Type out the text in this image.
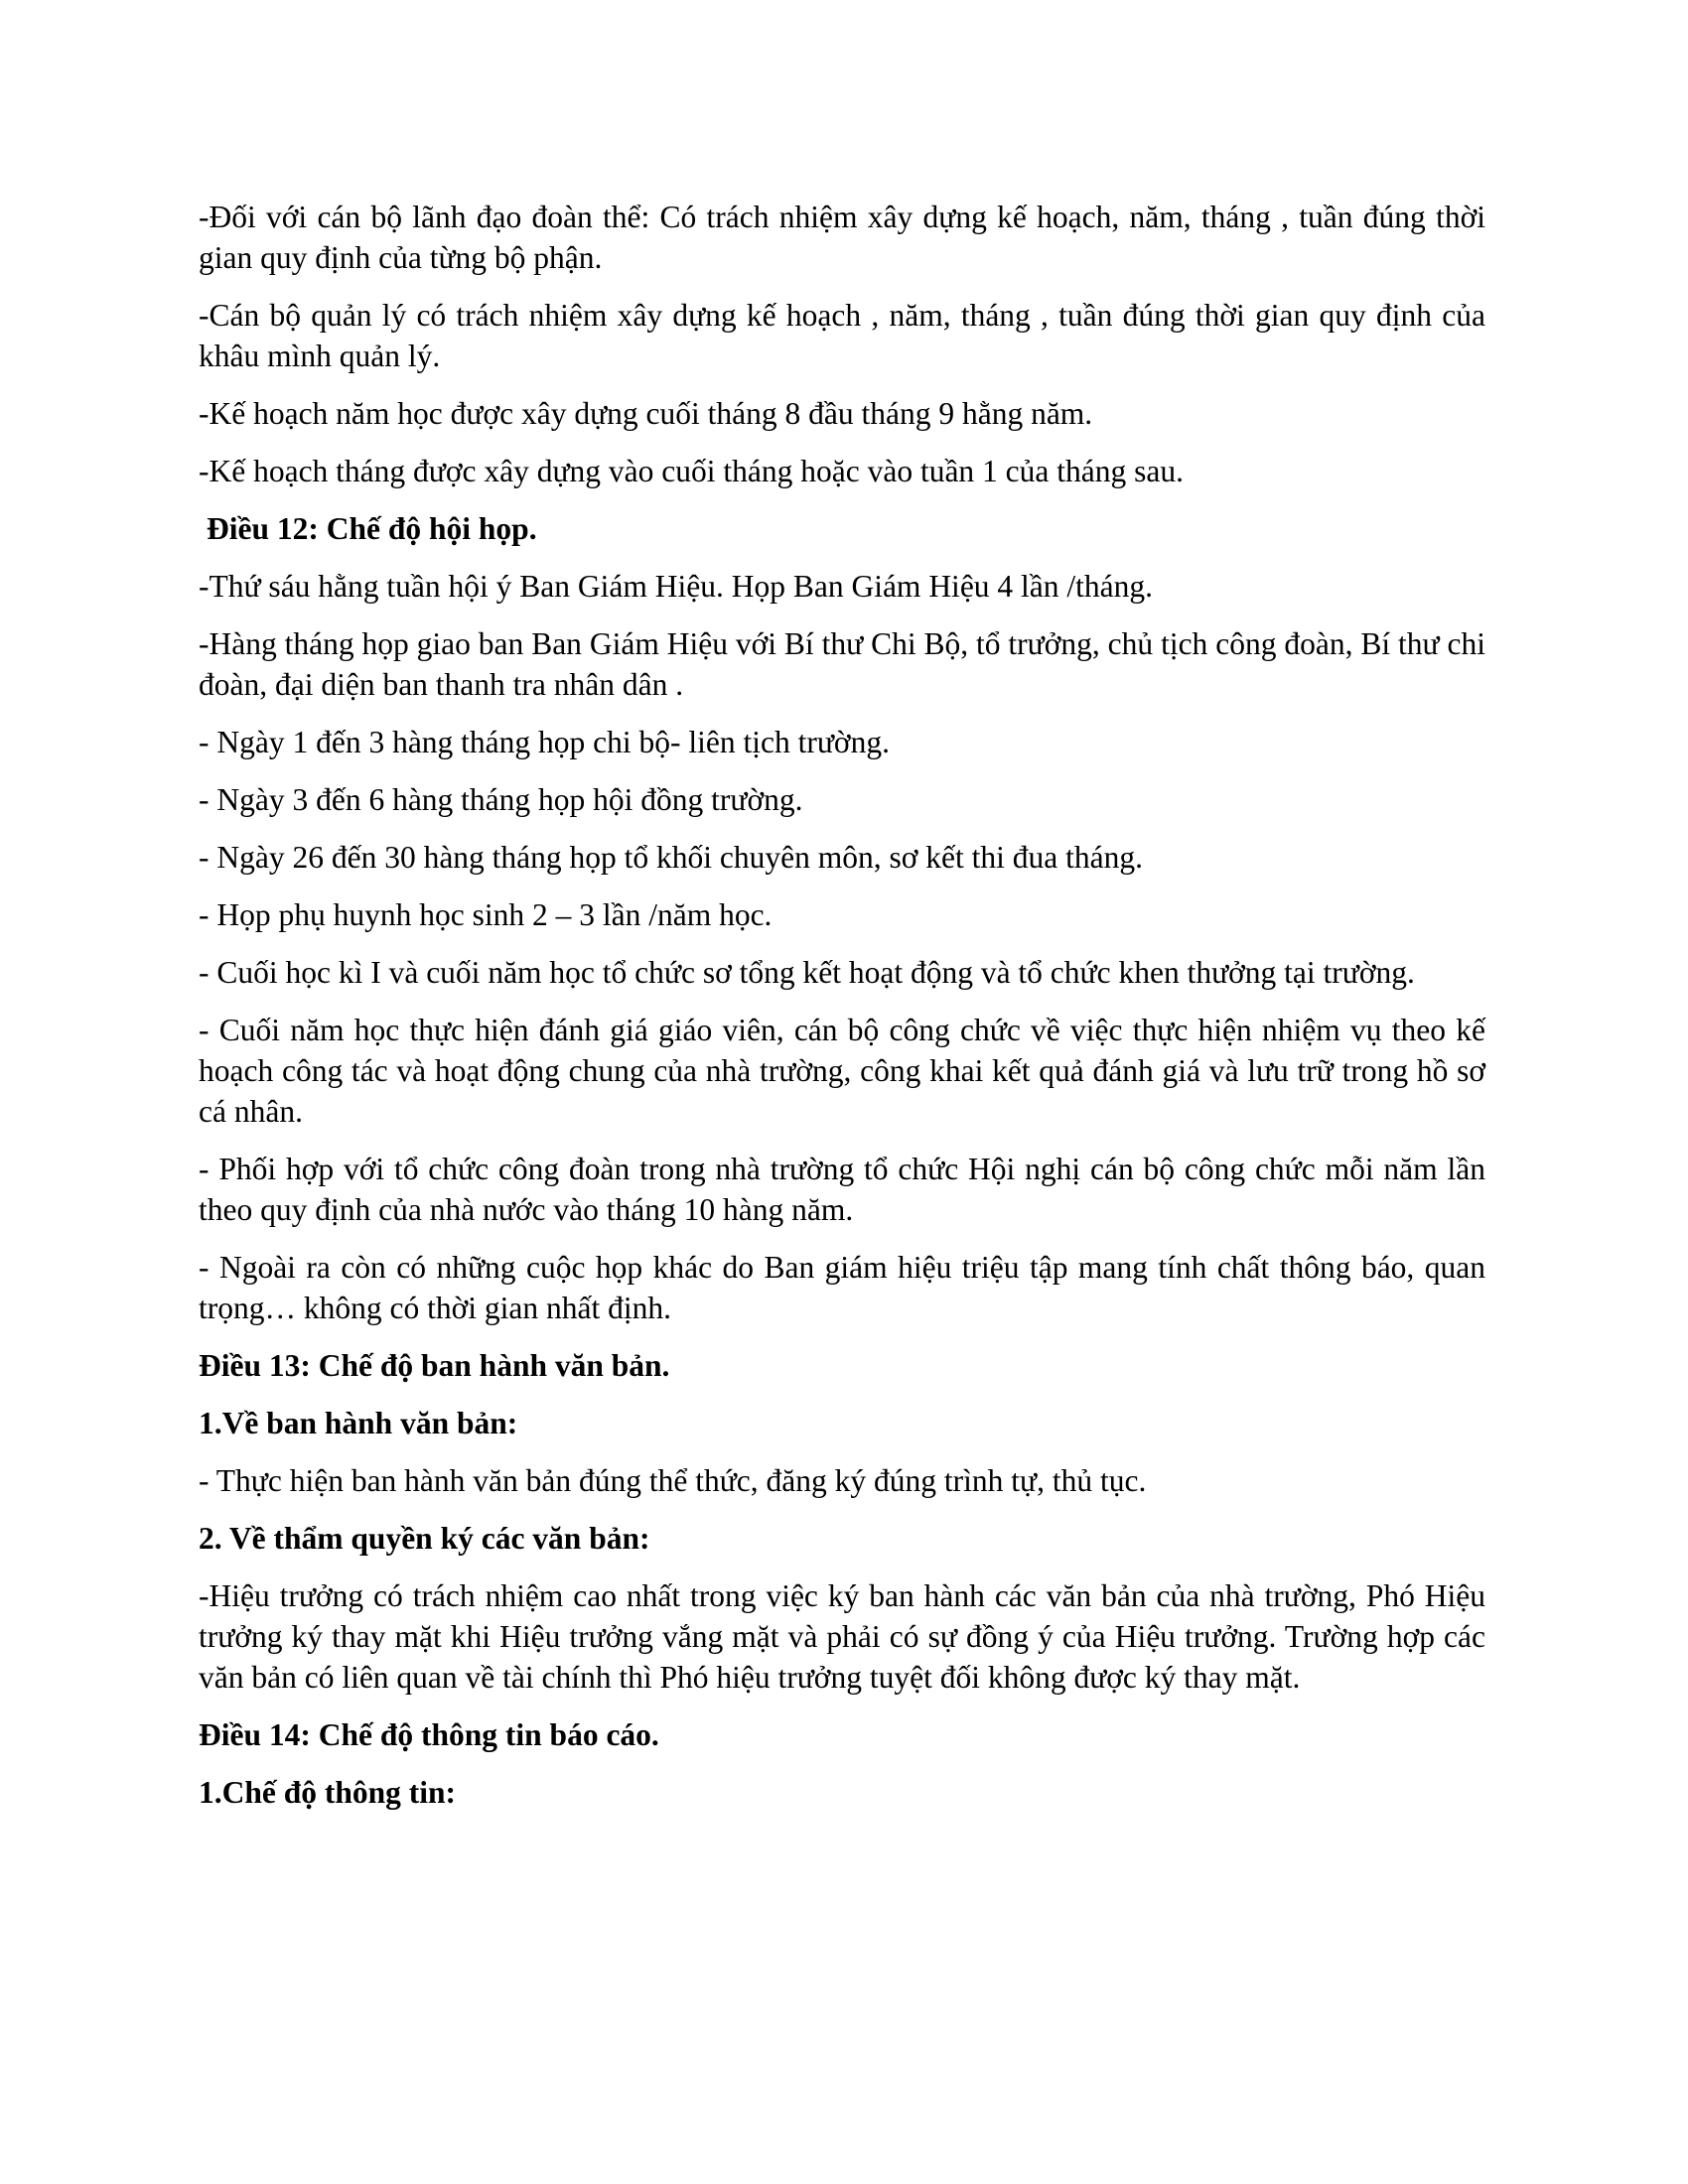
-Đối với cán bộ lãnh đạo đoàn thể: Có trách nhiệm xây dựng kế hoạch, năm, tháng , tuần đúng thời gian quy định của từng bộ phận.

-Cán bộ quản lý có trách nhiệm xây dựng kế hoạch , năm, tháng , tuần đúng thời gian quy định của khâu mình quản lý.

-Kế hoạch năm học được xây dựng cuối tháng 8 đầu tháng 9 hằng năm.

-Kế hoạch tháng được xây dựng vào cuối tháng hoặc vào tuần 1 của tháng sau.

Điều 12: Chế độ hội họp.

-Thứ sáu hằng tuần hội ý Ban Giám Hiệu. Họp Ban Giám Hiệu 4 lần /tháng.

-Hàng tháng họp giao ban Ban Giám Hiệu với Bí thư Chi Bộ, tổ trưởng, chủ tịch công đoàn, Bí thư chi đoàn, đại diện ban thanh tra nhân dân .

- Ngày 1 đến 3 hàng tháng họp chi bộ- liên tịch trường.

- Ngày 3 đến 6 hàng tháng họp hội đồng trường.

- Ngày 26 đến 30 hàng tháng họp tổ khối chuyên môn, sơ kết thi đua tháng.

- Họp phụ huynh học sinh 2 – 3 lần /năm học.

- Cuối học kì I và cuối năm học tổ chức sơ tổng kết hoạt động và tổ chức khen thưởng tại trường.

- Cuối năm học thực hiện đánh giá giáo viên, cán bộ công chức về việc thực hiện nhiệm vụ theo kế hoạch công tác và hoạt động chung của nhà trường, công khai kết quả đánh giá và lưu trữ trong hồ sơ cá nhân.

- Phối hợp với tổ chức công đoàn trong nhà trường tổ chức Hội nghị cán bộ công chức mỗi năm lần theo quy định của nhà nước vào tháng 10 hàng năm.

- Ngoài ra còn có những cuộc họp khác do Ban giám hiệu triệu tập mang tính chất thông báo, quan trọng… không có thời gian nhất định.

Điều 13: Chế độ ban hành văn bản.

1.Về ban hành văn bản:

- Thực hiện ban hành văn bản đúng thể thức, đăng ký đúng trình tự, thủ tục.

2. Về thẩm quyền ký các văn bản:

-Hiệu trưởng có trách nhiệm cao nhất trong việc ký ban hành các văn bản của nhà trường, Phó Hiệu trưởng ký thay mặt khi Hiệu trưởng vắng mặt và phải có sự đồng ý của Hiệu trưởng. Trường hợp các văn bản có liên quan về tài chính thì Phó hiệu trưởng tuyệt đối không được ký thay mặt.

Điều 14: Chế độ thông tin báo cáo.

1.Chế độ thông tin:
